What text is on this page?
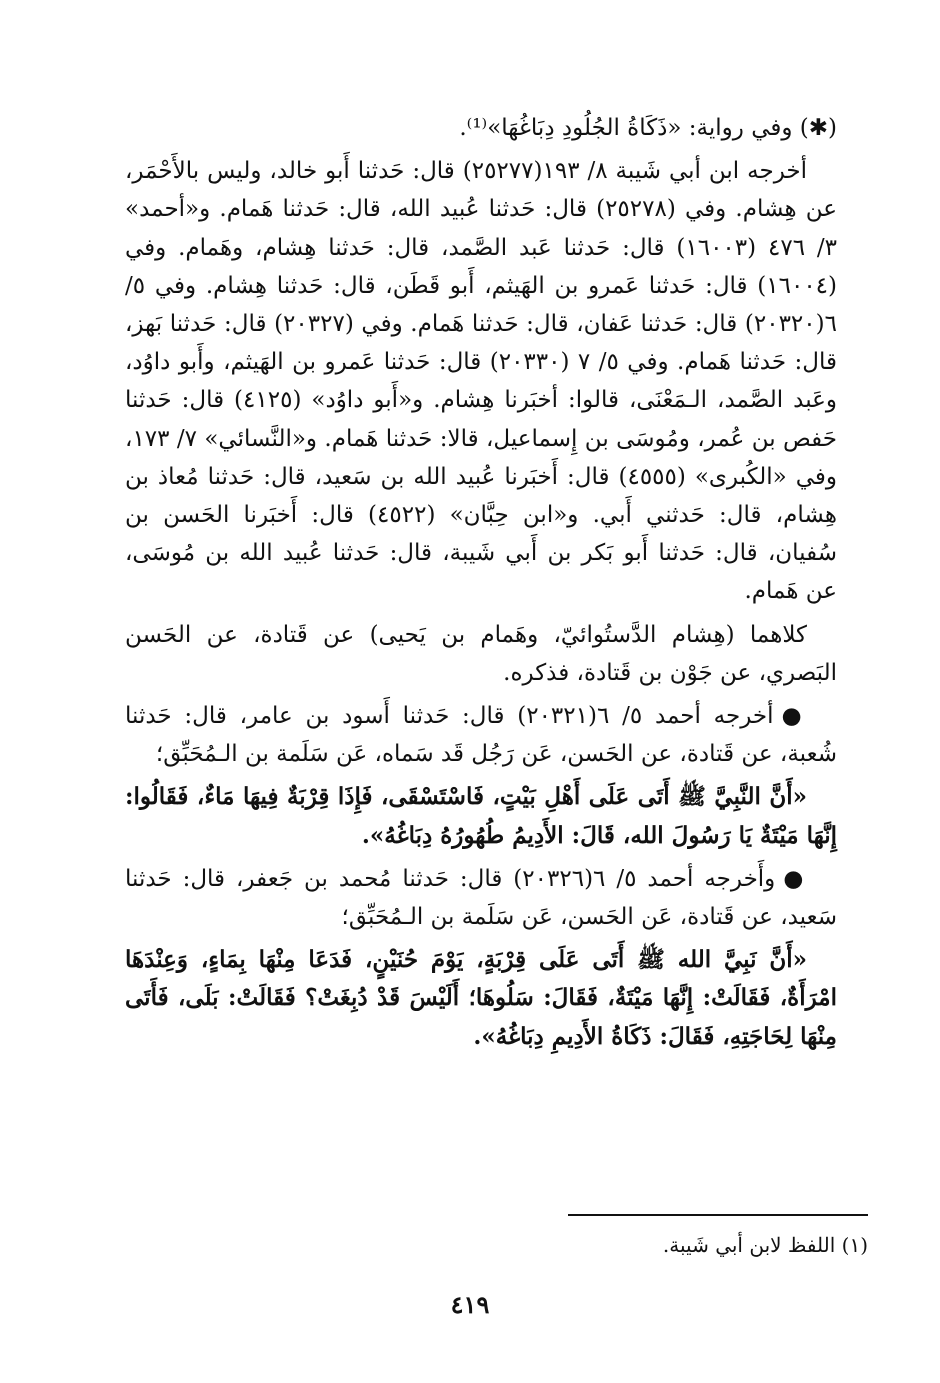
(✱) وفي رواية: «ذَكَاةُ الجُلُودِ دِبَاغُهَا»⁽¹⁾.

أخرجه ابن أبي شَيبة ٨/ ١٩٣(٢٥٢٧٧) قال: حَدثنا أَبو خالد، وليس بالأَحْمَر، عن هِشام. وفي (٢٥٢٧٨) قال: حَدثنا عُبيد الله، قال: حَدثنا هَمام. و«أحمد» ٣/ ٤٧٦ (١٦٠٠٣) قال: حَدثنا عَبد الصَّمد، قال: حَدثنا هِشام، وهَمام. وفي (١٦٠٠٤) قال: حَدثنا عَمرو بن الهَيثم، أَبو قَطَن، قال: حَدثنا هِشام. وفي ٥/ ٦(٢٠٣٢٠) قال: حَدثنا عَفان، قال: حَدثنا هَمام. وفي (٢٠٣٢٧) قال: حَدثنا بَهز، قال: حَدثنا هَمام. وفي ٥/ ٧ (٢٠٣٣٠) قال: حَدثنا عَمرو بن الهَيثم، وأَبو داوُد، وعَبد الصَّمد، الـمَعْنَى، قالوا: أخبَرنا هِشام. و«أَبو داوُد» (٤١٢٥) قال: حَدثنا حَفص بن عُمر، ومُوسَى بن إِسماعيل، قالا: حَدثنا هَمام. و«النَّسائي» ٧/ ١٧٣، وفي «الكُبرى» (٤٥٥٥) قال: أَخبَرنا عُبيد الله بن سَعيد، قال: حَدثنا مُعاذ بن هِشام، قال: حَدثني أَبي. و«ابن حِبَّان» (٤٥٢٢) قال: أَخبَرنا الحَسن بن سُفيان، قال: حَدثنا أَبو بَكر بن أَبي شَيبة، قال: حَدثنا عُبيد الله بن مُوسَى، عن هَمام.

كلاهما (هِشام الدَّستُوائيّ، وهَمام بن يَحيى) عن قَتادة، عن الحَسن البَصري، عن جَوْن بن قَتادة، فذكره.

●أخرجه أحمد ٥/ ٦(٢٠٣٢١) قال: حَدثنا أَسود بن عامر، قال: حَدثنا شُعبة، عن قَتادة، عن الحَسن، عَن رَجُل قَد سَماه، عَن سَلَمة بن الـمُحَبِّق؛

«أَنَّ النَّبِيَّ ﷺ أَتَى عَلَى أَهْلِ بَيْتٍ، فَاسْتَسْقَى، فَإِذَا قِرْبَةٌ فِيهَا مَاءٌ، فَقَالُوا: إِنَّهَا مَيْتَةٌ يَا رَسُولَ الله، قَالَ: الأَدِيمُ طُهُورُهُ دِبَاغُهُ».

●وأَخرجه أحمد ٥/ ٦(٢٠٣٢٦) قال: حَدثنا مُحمد بن جَعفر، قال: حَدثنا سَعيد، عن قَتادة، عَن الحَسن، عَن سَلَمة بن الـمُحَبِّق؛

«أَنَّ نَبِيَّ الله ﷺ أَتَى عَلَى قِرْبَةٍ، يَوْمَ حُنَيْنٍ، فَدَعَا مِنْهَا بِمَاءٍ، وَعِنْدَهَا امْرَأَةٌ، فَقَالَتْ: إِنَّهَا مَيْتَةٌ، فَقَالَ: سَلُوهَا؛ أَلَيْسَ قَدْ دُبِغَتْ؟ فَقَالَتْ: بَلَى، فَأَتَى مِنْهَا لِحَاجَتِهِ، فَقَالَ: ذَكَاةُ الأَدِيمِ دِبَاغُهُ».

(١) اللفظ لابن أبي شَيبة.
٤١٩
